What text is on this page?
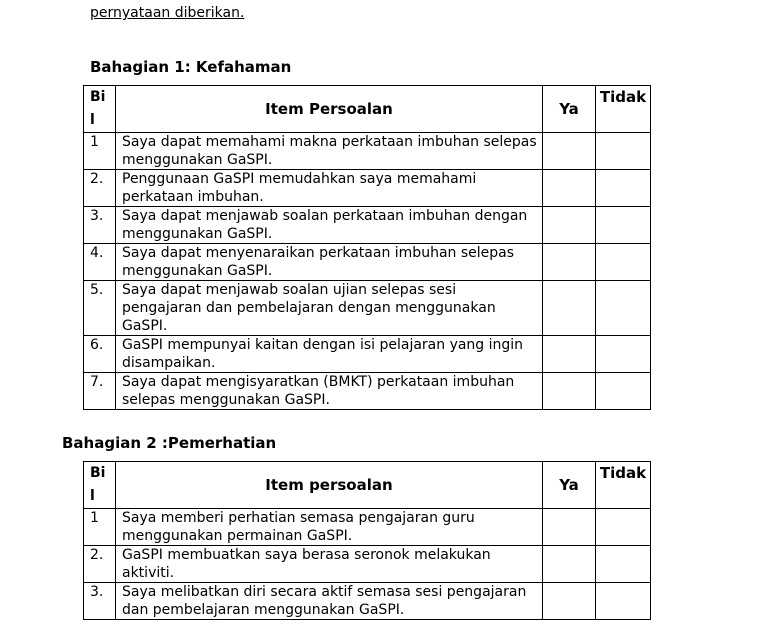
pernyataan diberikan.
Bahagian 1: Kefahaman
Bil	Item Persoalan	Ya	Tidak
1	Saya dapat memahami makna perkataan imbuhan selepas menggunakan GaSPI.		
2.	Penggunaan GaSPI memudahkan saya memahami perkataan imbuhan.		
3.	Saya dapat menjawab soalan perkataan imbuhan dengan menggunakan GaSPI.		
4.	Saya dapat menyenaraikan perkataan imbuhan selepas menggunakan GaSPI.		
5.	Saya dapat menjawab soalan ujian selepas sesi pengajaran dan pembelajaran dengan menggunakan GaSPI.		
6.	GaSPI mempunyai kaitan dengan isi pelajaran yang ingin disampaikan.		
7.	Saya dapat mengisyaratkan (BMKT) perkataan imbuhan selepas menggunakan GaSPI.		
Bahagian 2 :Pemerhatian
Bil	Item persoalan	Ya	Tidak
1	Saya memberi perhatian semasa pengajaran guru menggunakan permainan GaSPI.		
2.	GaSPI membuatkan saya berasa seronok melakukan aktiviti.		
3.	Saya melibatkan diri secara aktif semasa sesi pengajaran dan pembelajaran menggunakan GaSPI.		
